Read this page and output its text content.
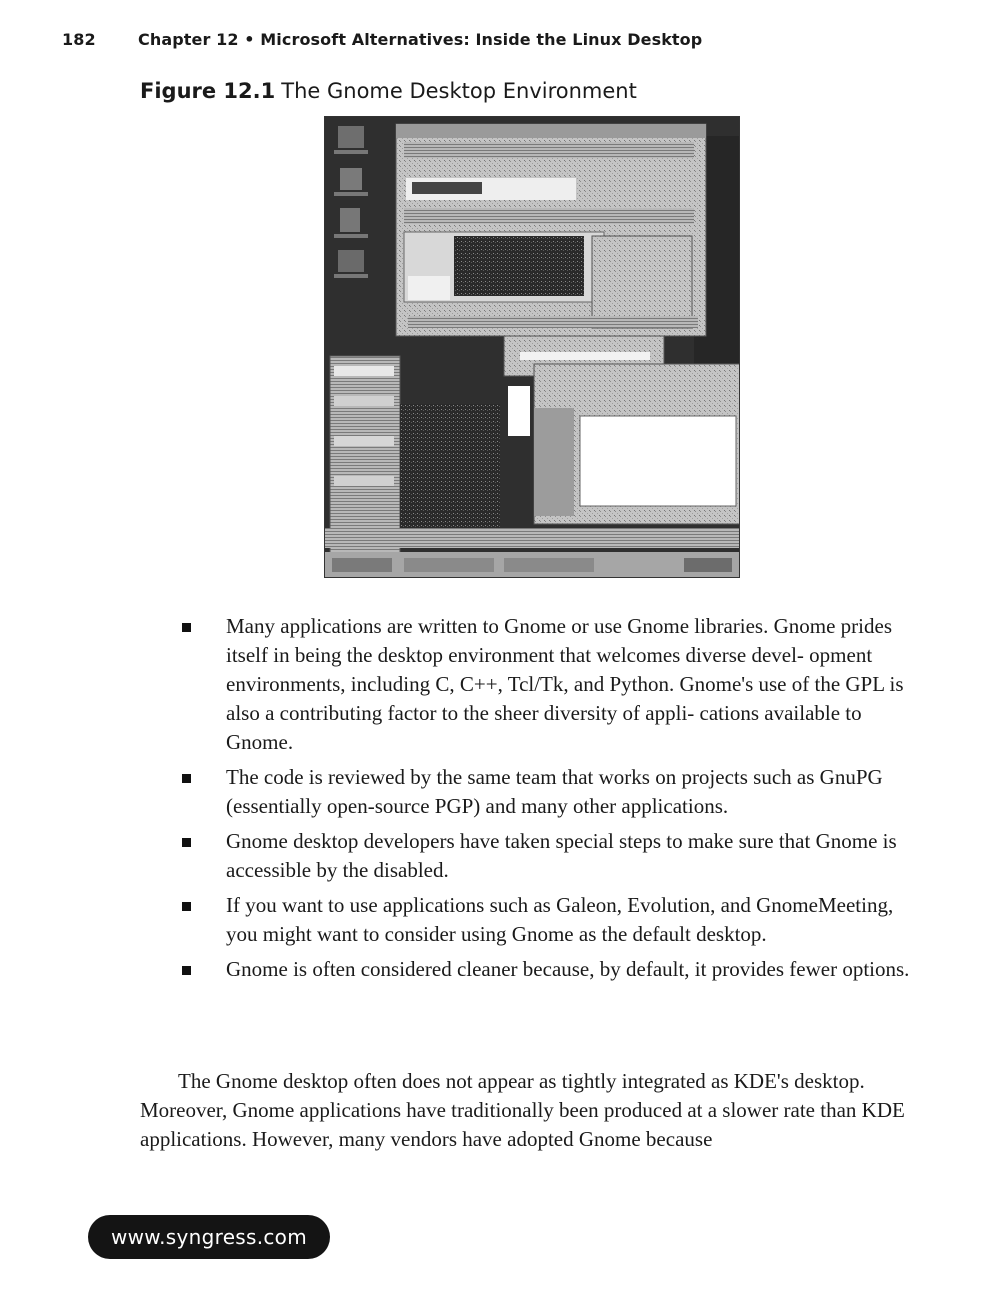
182	Chapter 12 • Microsoft Alternatives: Inside the Linux Desktop
Figure 12.1 The Gnome Desktop Environment
Many applications are written to Gnome or use Gnome libraries. Gnome prides itself in being the desktop environment that welcomes diverse devel- opment environments, including C, C++, Tcl/Tk, and Python. Gnome's use of the GPL is also a contributing factor to the sheer diversity of appli- cations available to Gnome.
The code is reviewed by the same team that works on projects such as GnuPG (essentially open-source PGP) and many other applications.
Gnome desktop developers have taken special steps to make sure that Gnome is accessible by the disabled.
If you want to use applications such as Galeon, Evolution, and GnomeMeeting, you might want to consider using Gnome as the default desktop.
Gnome is often considered cleaner because, by default, it provides fewer options.

The Gnome desktop often does not appear as tightly integrated as KDE's desktop. Moreover, Gnome applications have traditionally been produced at a slower rate than KDE applications. However, many vendors have adopted Gnome because

www.syngress.com
